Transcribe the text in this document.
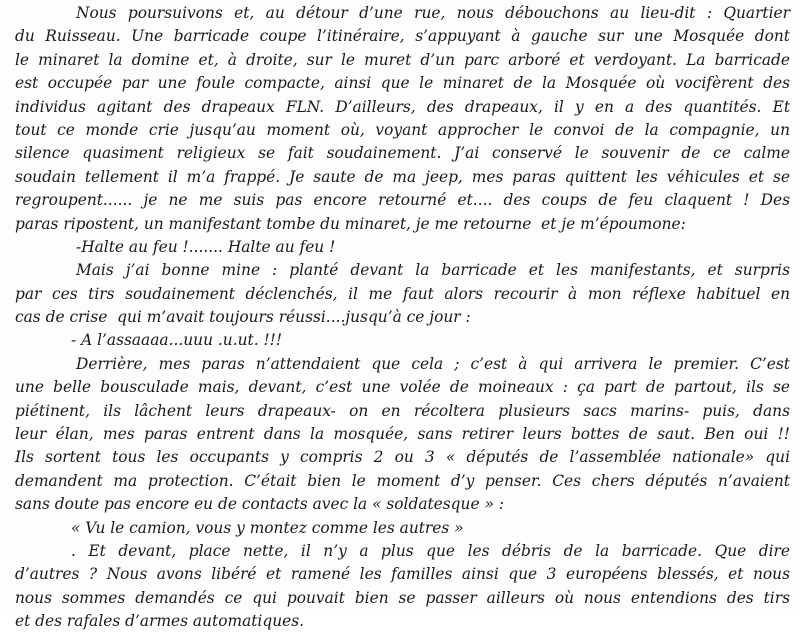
Nous poursuivons et, au détour d’une rue, nous débouchons au lieu-dit : Quartier
du Ruisseau. Une barricade coupe l’itinéraire, s’appuyant à gauche sur une Mosquée dont
le minaret la domine et, à droite, sur le muret d’un parc arboré et verdoyant. La barricade
est occupée par une foule compacte, ainsi que le minaret de la Mosquée où vocifèrent des
individus agitant des drapeaux FLN. D’ailleurs, des drapeaux, il y en a des quantités. Et
tout ce monde crie jusqu’au moment où, voyant approcher le convoi de la compagnie, un
silence quasiment religieux se fait soudainement. J’ai conservé le souvenir de ce calme
soudain tellement il m’a frappé. Je saute de ma jeep, mes paras quittent les véhicules et se
regroupent...... je ne me suis pas encore retourné et.... des coups de feu claquent ! Des
paras ripostent, un manifestant tombe du minaret, je me retourne  et je m’époumone:
-Halte au feu !....... Halte au feu !
Mais j’ai bonne mine : planté devant la barricade et les manifestants, et surpris
par ces tirs soudainement déclenchés, il me faut alors recourir à mon réflexe habituel en
cas de crise  qui m’avait toujours réussi....jusqu’à ce jour :
- A l’assaaaa...uuu .u.ut. !!!
Derrière, mes paras n’attendaient que cela ; c’est à qui arrivera le premier. C’est
une belle bousculade mais, devant, c’est une volée de moineaux : ça part de partout, ils se
piétinent, ils lâchent leurs drapeaux- on en récoltera plusieurs sacs marins- puis, dans
leur élan, mes paras entrent dans la mosquée, sans retirer leurs bottes de saut. Ben oui !!
Ils sortent tous les occupants y compris 2 ou 3 « députés de l’assemblée nationale» qui
demandent ma protection. C’était bien le moment d’y penser. Ces chers députés n’avaient
sans doute pas encore eu de contacts avec la « soldatesque » :
« Vu le camion, vous y montez comme les autres »
. Et devant, place nette, il n’y a plus que les débris de la barricade. Que dire
d’autres ? Nous avons libéré et ramené les familles ainsi que 3 européens blessés, et nous
nous sommes demandés ce qui pouvait bien se passer ailleurs où nous entendions des tirs
et des rafales d’armes automatiques.
